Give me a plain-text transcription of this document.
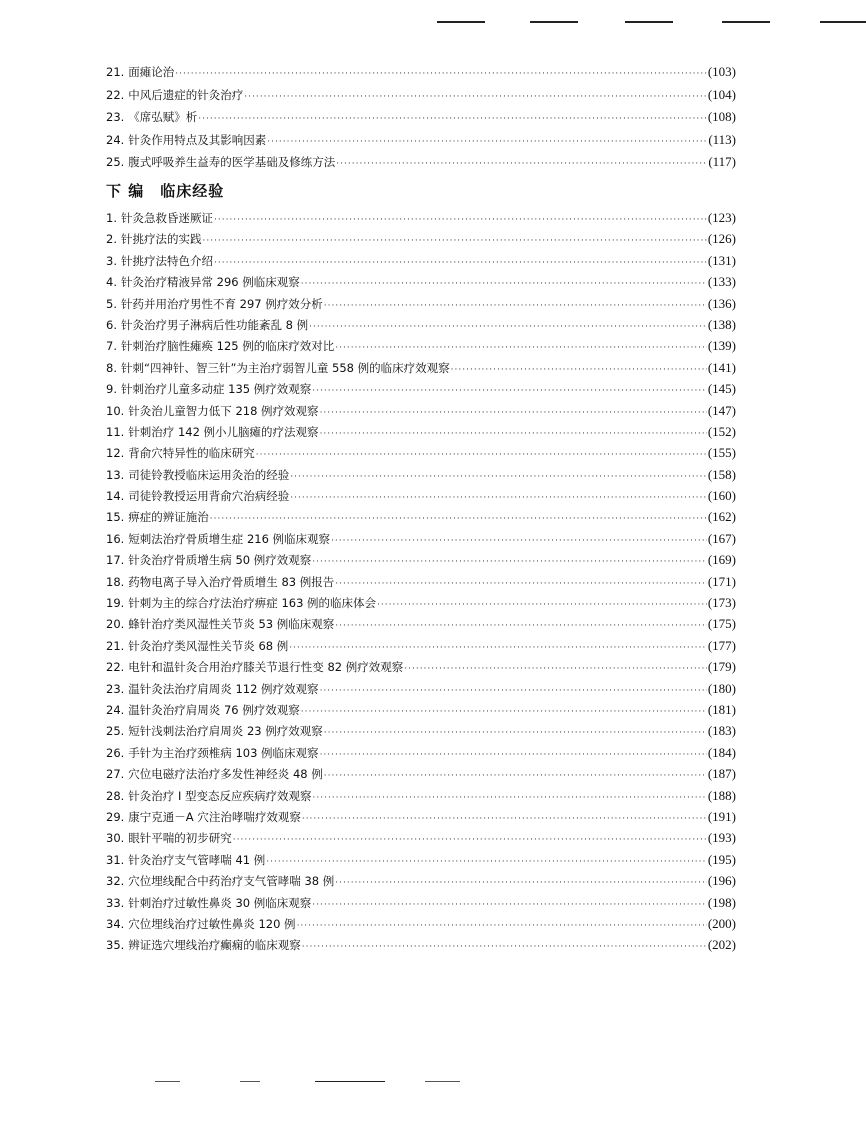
21. 面瘫论治 ·····	(103)
22. 中风后遗症的针灸治疗 ·····	(104)
23. 《席弘赋》析 ·····	(108)
24. 针灸作用特点及其影响因素 ·····	(113)
25. 腹式呼吸养生益寿的医学基础及修练方法 ·····	(117)
下 编 临床经验
1. 针灸急救昏迷厥证 ·····	(123)
2. 针挑疗法的实践 ·····	(126)
3. 针挑疗法特色介绍 ·····	(131)
4. 针灸治疗精液异常 296 例临床观察 ·····	(133)
5. 针药并用治疗男性不育 297 例疗效分析 ·····	(136)
6. 针灸治疗男子淋病后性功能紊乱 8 例 ·····	(138)
7. 针刺治疗脑性瘫痪 125 例的临床疗效对比 ·····	(139)
8. 针刺“四神针、智三针”为主治疗弱智儿童 558 例的临床疗效观察 ·····	(141)
9. 针刺治疗儿童多动症 135 例疗效观察 ·····	(145)
10. 针灸治儿童智力低下 218 例疗效观察 ·····	(147)
11. 针刺治疗 142 例小儿脑瘫的疗法观察 ·····	(152)
12. 背俞穴特异性的临床研究 ·····	(155)
13. 司徒铃教授临床运用灸治的经验 ·····	(158)
14. 司徒铃教授运用背俞穴治病经验 ·····	(160)
15. 痹症的辨证施治 ·····	(162)
16. 短刺法治疗骨质增生症 216 例临床观察 ·····	(167)
17. 针灸治疗骨质增生病 50 例疗效观察 ·····	(169)
18. 药物电离子导入治疗骨质增生 83 例报告 ·····	(171)
19. 针刺为主的综合疗法治疗痹症 163 例的临床体会 ·····	(173)
20. 蜂针治疗类风湿性关节炎 53 例临床观察 ·····	(175)
21. 针灸治疗类风湿性关节炎 68 例 ·····	(177)
22. 电针和温针灸合用治疗膝关节退行性变 82 例疗效观察 ·····	(179)
23. 温针灸法治疗肩周炎 112 例疗效观察 ·····	(180)
24. 温针灸治疗肩周炎 76 例疗效观察 ·····	(181)
25. 短针浅刺法治疗肩周炎 23 例疗效观察 ·····	(183)
26. 手针为主治疗颈椎病 103 例临床观察 ·····	(184)
27. 穴位电磁疗法治疗多发性神经炎 48 例 ·····	(187)
28. 针灸治疗 I 型变态反应疾病疗效观察 ·····	(188)
29. 康宁克通－A 穴注治哮喘疗效观察 ·····	(191)
30. 眼针平喘的初步研究 ·····	(193)
31. 针灸治疗支气管哮喘 41 例 ·····	(195)
32. 穴位埋线配合中药治疗支气管哮喘 38 例 ·····	(196)
33. 针刺治疗过敏性鼻炎 30 例临床观察 ·····	(198)
34. 穴位埋线治疗过敏性鼻炎 120 例 ·····	(200)
35. 辨证选穴埋线治疗癫痫的临床观察 ·····	(202)
